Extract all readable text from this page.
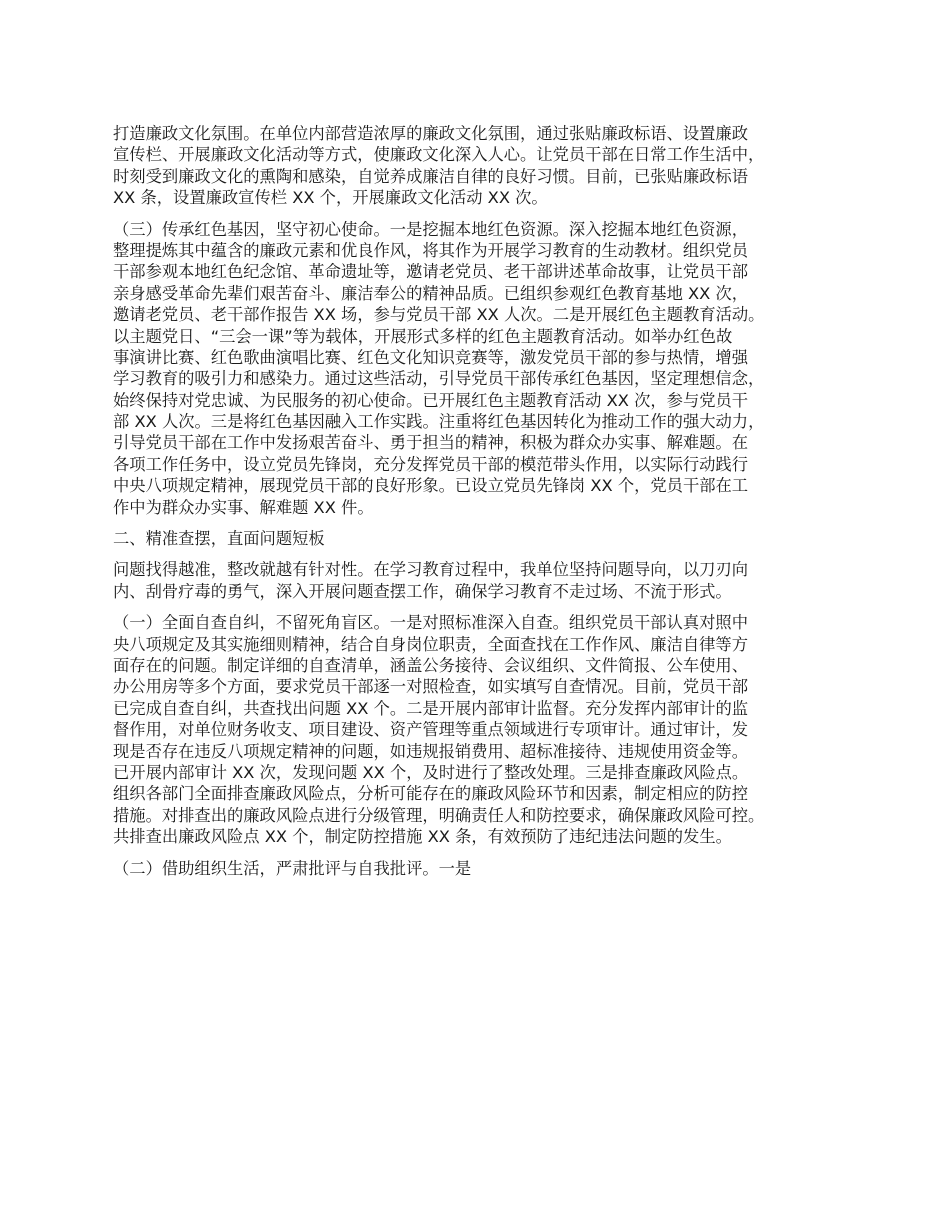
打造廉政文化氛围。在单位内部营造浓厚的廉政文化氛围，通过张贴廉政标语、设置廉政
宣传栏、开展廉政文化活动等方式，使廉政文化深入人心。让党员干部在日常工作生活中，
时刻受到廉政文化的熏陶和感染，自觉养成廉洁自律的良好习惯。目前，已张贴廉政标语
XX 条，设置廉政宣传栏 XX 个，开展廉政文化活动 XX 次。
（三）传承红色基因，坚守初心使命。一是挖掘本地红色资源。深入挖掘本地红色资源，
整理提炼其中蕴含的廉政元素和优良作风，将其作为开展学习教育的生动教材。组织党员
干部参观本地红色纪念馆、革命遗址等，邀请老党员、老干部讲述革命故事，让党员干部
亲身感受革命先辈们艰苦奋斗、廉洁奉公的精神品质。已组织参观红色教育基地 XX 次，
邀请老党员、老干部作报告 XX 场，参与党员干部 XX 人次。二是开展红色主题教育活动。
以主题党日、“三会一课”等为载体，开展形式多样的红色主题教育活动。如举办红色故
事演讲比赛、红色歌曲演唱比赛、红色文化知识竞赛等，激发党员干部的参与热情，增强
学习教育的吸引力和感染力。通过这些活动，引导党员干部传承红色基因，坚定理想信念，
始终保持对党忠诚、为民服务的初心使命。已开展红色主题教育活动 XX 次，参与党员干
部 XX 人次。三是将红色基因融入工作实践。注重将红色基因转化为推动工作的强大动力，
引导党员干部在工作中发扬艰苦奋斗、勇于担当的精神，积极为群众办实事、解难题。在
各项工作任务中，设立党员先锋岗，充分发挥党员干部的模范带头作用，以实际行动践行
中央八项规定精神，展现党员干部的良好形象。已设立党员先锋岗 XX 个，党员干部在工
作中为群众办实事、解难题 XX 件。
二、精准查摆，直面问题短板
问题找得越准，整改就越有针对性。在学习教育过程中，我单位坚持问题导向，以刀刃向
内、刮骨疗毒的勇气，深入开展问题查摆工作，确保学习教育不走过场、不流于形式。
（一）全面自查自纠，不留死角盲区。一是对照标准深入自查。组织党员干部认真对照中
央八项规定及其实施细则精神，结合自身岗位职责，全面查找在工作作风、廉洁自律等方
面存在的问题。制定详细的自查清单，涵盖公务接待、会议组织、文件简报、公车使用、
办公用房等多个方面，要求党员干部逐一对照检查，如实填写自查情况。目前，党员干部
已完成自查自纠，共查找出问题 XX 个。二是开展内部审计监督。充分发挥内部审计的监
督作用，对单位财务收支、项目建设、资产管理等重点领域进行专项审计。通过审计，发
现是否存在违反八项规定精神的问题，如违规报销费用、超标准接待、违规使用资金等。
已开展内部审计 XX 次，发现问题 XX 个，及时进行了整改处理。三是排查廉政风险点。
组织各部门全面排查廉政风险点，分析可能存在的廉政风险环节和因素，制定相应的防控
措施。对排查出的廉政风险点进行分级管理，明确责任人和防控要求，确保廉政风险可控。
共排查出廉政风险点 XX 个，制定防控措施 XX 条，有效预防了违纪违法问题的发生。
（二）借助组织生活，严肃批评与自我批评。一是
